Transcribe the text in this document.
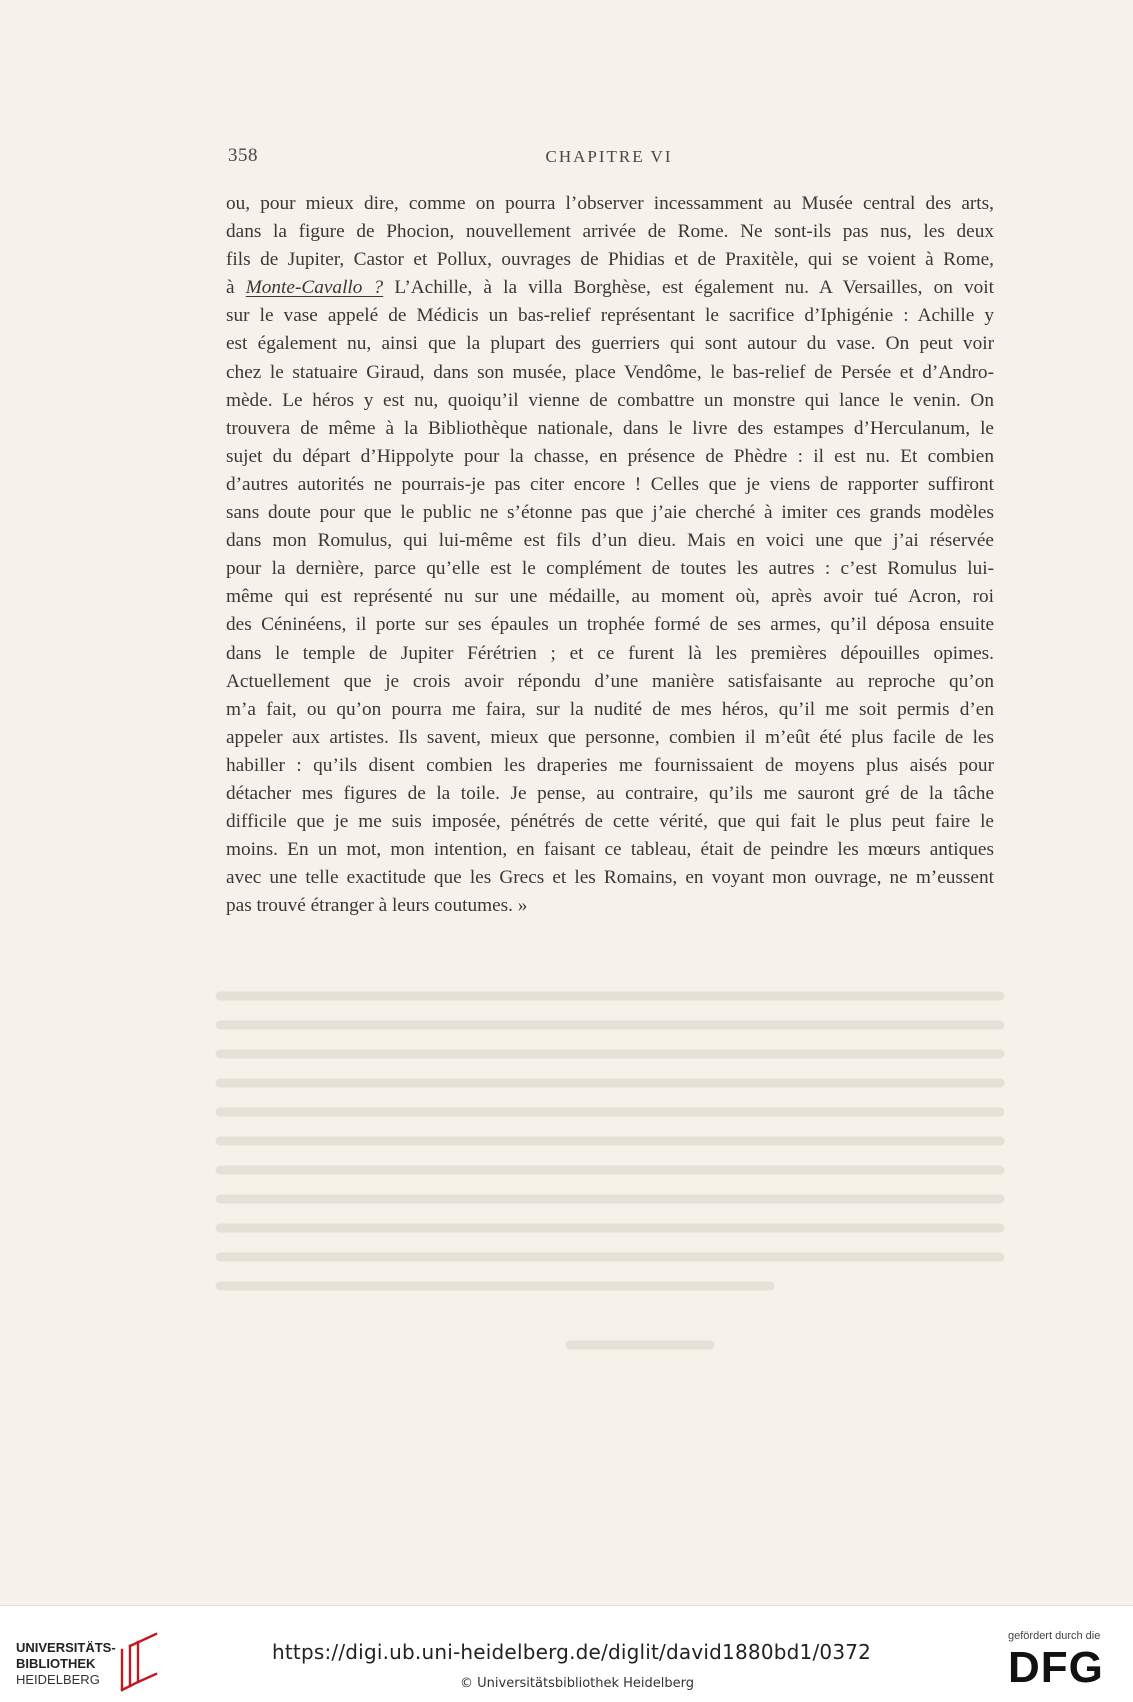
358	CHAPITRE VI
ou, pour mieux dire, comme on pourra l’observer incessamment au Musée central des arts,
dans la figure de Phocion, nouvellement arrivée de Rome. Ne sont-ils pas nus, les deux
fils de Jupiter, Castor et Pollux, ouvrages de Phidias et de Praxitèle, qui se voient à Rome,
à Monte-Cavallo ? L’Achille, à la villa Borghèse, est également nu. A Versailles, on voit
sur le vase appelé de Médicis un bas-relief représentant le sacrifice d’Iphigénie : Achille y
est également nu, ainsi que la plupart des guerriers qui sont autour du vase. On peut voir
chez le statuaire Giraud, dans son musée, place Vendôme, le bas-relief de Persée et d’Andro-
mède. Le héros y est nu, quoiqu’il vienne de combattre un monstre qui lance le venin. On
trouvera de même à la Bibliothèque nationale, dans le livre des estampes d’Herculanum, le
sujet du départ d’Hippolyte pour la chasse, en présence de Phèdre : il est nu. Et combien
d’autres autorités ne pourrais-je pas citer encore ! Celles que je viens de rapporter suffiront
sans doute pour que le public ne s’étonne pas que j’aie cherché à imiter ces grands modèles
dans mon Romulus, qui lui-même est fils d’un dieu. Mais en voici une que j’ai réservée
pour la dernière, parce qu’elle est le complément de toutes les autres : c’est Romulus lui-
même qui est représenté nu sur une médaille, au moment où, après avoir tué Acron, roi
des Céninéens, il porte sur ses épaules un trophée formé de ses armes, qu’il déposa ensuite
dans le temple de Jupiter Férétrien ; et ce furent là les premières dépouilles opimes.
Actuellement que je crois avoir répondu d’une manière satisfaisante au reproche qu’on
m’a fait, ou qu’on pourra me faira, sur la nudité de mes héros, qu’il me soit permis d’en
appeler aux artistes. Ils savent, mieux que personne, combien il m’eût été plus facile de les
habiller : qu’ils disent combien les draperies me fournissaient de moyens plus aisés pour
détacher mes figures de la toile. Je pense, au contraire, qu’ils me sauront gré de la tâche
difficile que je me suis imposée, pénétrés de cette vérité, que qui fait le plus peut faire le
moins. En un mot, mon intention, en faisant ce tableau, était de peindre les mœurs antiques
avec une telle exactitude que les Grecs et les Romains, en voyant mon ouvrage, ne m’eussent
pas trouvé étranger à leurs coutumes. »
UNIVERSITÄTS-
BIBLIOTHEK
HEIDELBERG
https://digi.ub.uni-heidelberg.de/diglit/david1880bd1/0372
© Universitätsbibliothek Heidelberg
gefördert durch die
DFG
